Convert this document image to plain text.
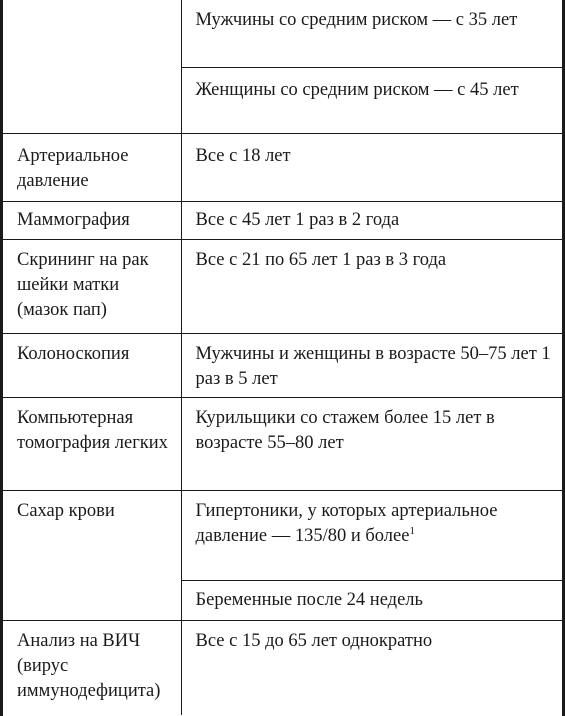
	Мужчины со средним риском — с 35 лет

	Женщины со средним риском — с 45 лет

Артериальное давление	Все с 18 лет

Маммография	Все с 45 лет 1 раз в 2 года

Скрининг на рак шейки матки (мазок пап)	Все с 21 по 65 лет 1 раз в 3 года

Колоноскопия	Мужчины и женщины в возрасте 50–75 лет 1 раз в 5 лет

Компьютерная томография легких	Курильщики со стажем более 15 лет в возрасте 55–80 лет

Сахар крови	Гипертоники, у которых артериальное давление — 135/80 и более$^1$

	Беременные после 24 недель

Анализ на ВИЧ (вирус иммунодефицита)	Все с 15 до 65 лет однократно
